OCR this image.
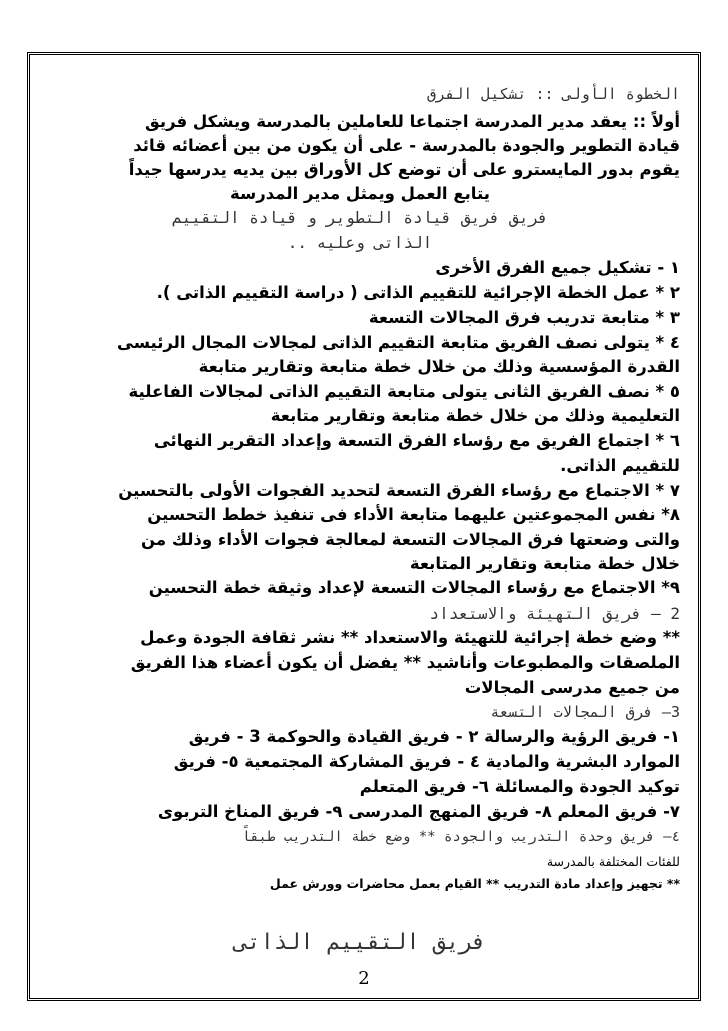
الخطوة الأولى :: تشكيل الفرق
أولاً :: يعقد مدير المدرسة اجتماعا للعاملين بالمدرسة ويشكل فريق
قيادة التطوير والجودة بالمدرسة - على أن يكون من بين أعضائه قائد
يقوم بدور المايسترو على أن توضع كل الأوراق بين يديه يدرسها جيداً
يتابع العمل ويمثل مدير المدرسة
فريق فريق قيادة التطوير و قيادة التقييم
الذاتى وعليه ..
١ - تشكيل جميع الفرق الأخرى
٢ * عمل الخطة الإجرائية للتقييم الذاتى ( دراسة التقييم الذاتى ).
٣ * متابعة تدريب فرق المجالات التسعة
٤ * يتولى نصف الفريق متابعة التقييم الذاتى لمجالات المجال الرئيسى
القدرة المؤسسية وذلك من خلال خطة متابعة وتقارير متابعة
٥ * نصف الفريق الثانى يتولى متابعة التقييم الذاتى لمجالات الفاعلية
التعليمية وذلك من خلال خطة متابعة وتقارير متابعة
٦ * اجتماع الفريق مع رؤساء الفرق التسعة وإعداد التقرير النهائى
للتقييم الذاتى.
٧ * الاجتماع مع رؤساء الفرق التسعة لتحديد الفجوات الأولى بالتحسين
٨* نفس المجموعتين عليهما متابعة الأداء فى تنفيذ خطط التحسين
والتى وضعتها فرق المجالات التسعة لمعالجة فجوات الأداء وذلك من
خلال خطة متابعة وتقارير المتابعة
٩* الاجتماع مع رؤساء المجالات التسعة لإعداد وثيقة خطة التحسين
2 – فريق التهيئة والاستعداد
** وضع خطة إجرائية للتهيئة والاستعداد ** نشر ثقافة الجودة وعمل
الملصقات والمطبوعات وأناشيد ** يفضل أن يكون أعضاء هذا الفريق
من جميع مدرسى المجالات
3– فرق المجالات التسعة
١- فريق الرؤية والرسالة ٢ - فريق القيادة والحوكمة 3 - فريق
الموارد البشرية والمادية ٤ - فريق المشاركة المجتمعية ٥- فريق
توكيد الجودة والمسائلة ٦- فريق المتعلم
٧- فريق المعلم ٨- فريق المنهج المدرسى ٩- فريق المناخ التربوى
٤– فريق وحدة التدريب والجودة ** وضع خطة التدريب طبقاً
للفئات المختلفة بالمدرسة
** تجهيز وإعداد مادة التدريب ** القيام بعمل محاضرات وورش عمل
فريق التقييم الذاتى
2
